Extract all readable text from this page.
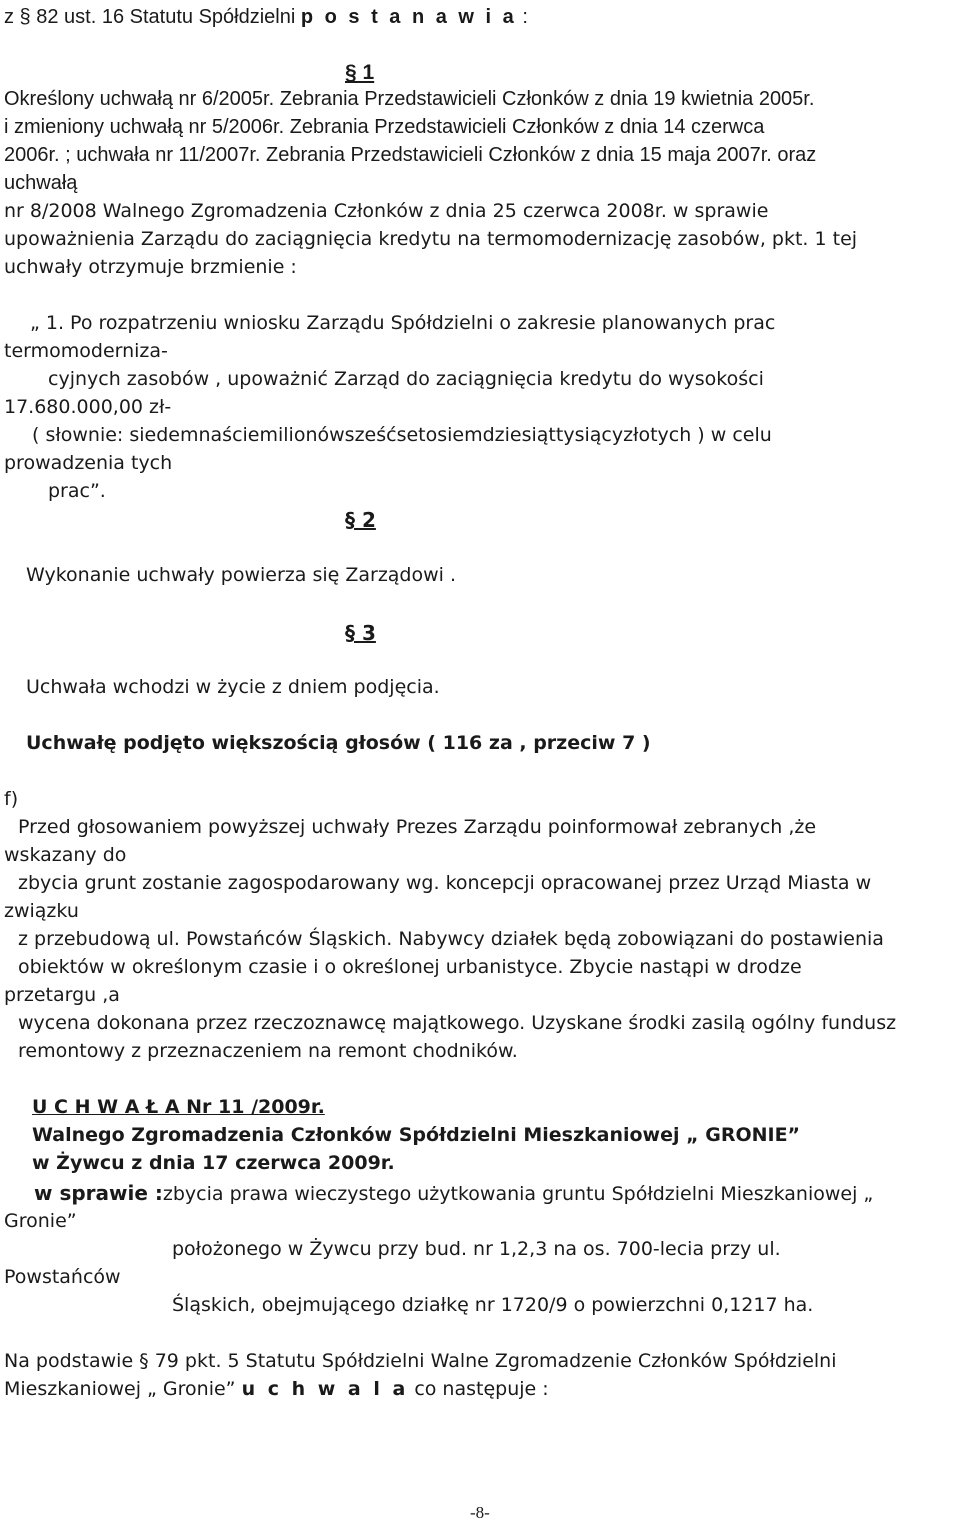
z § 82 ust. 16 Statutu Spółdzielni p o s t a n a w i a :
§ 1
Określony uchwałą nr 6/2005r. Zebrania Przedstawicieli Członków z dnia 19 kwietnia 2005r.
i zmieniony uchwałą nr 5/2006r. Zebrania Przedstawicieli Członków z dnia 14 czerwca
2006r. ; uchwała nr 11/2007r. Zebrania Przedstawicieli Członków z dnia 15 maja 2007r. oraz
uchwałą
nr 8/2008 Walnego Zgromadzenia Członków z dnia 25 czerwca 2008r. w sprawie
upoważnienia Zarządu do zaciągnięcia kredytu na termomodernizację zasobów, pkt. 1 tej
uchwały otrzymuje brzmienie :
„ 1. Po rozpatrzeniu wniosku Zarządu Spółdzielni o zakresie planowanych prac
termomoderniza-
cyjnych zasobów , upoważnić Zarząd do zaciągnięcia kredytu do wysokości
17.680.000,00 zł-
( słownie: siedemnaściemilionówsześćsetosiemdziesiąttysiącyzłotych ) w celu
prowadzenia tych
prac”.
§ 2
Wykonanie uchwały powierza się Zarządowi .
§ 3
Uchwała wchodzi w życie z dniem podjęcia.
Uchwałę podjęto większością głosów ( 116 za , przeciw 7 )
f)
Przed głosowaniem powyższej uchwały Prezes Zarządu poinformował zebranych ,że
wskazany do
zbycia grunt zostanie zagospodarowany wg. koncepcji opracowanej przez Urząd Miasta w
związku
z przebudową ul. Powstańców Śląskich. Nabywcy działek będą zobowiązani do postawienia
obiektów w określonym czasie i o określonej urbanistyce. Zbycie nastąpi w drodze
przetargu ,a
wycena dokonana przez rzeczoznawcę majątkowego. Uzyskane środki zasilą ogólny fundusz
remontowy z przeznaczeniem na remont chodników.
U C H W A Ł A Nr 11 /2009r.
Walnego Zgromadzenia Członków Spółdzielni Mieszkaniowej „ GRONIE”
w Żywcu z dnia 17 czerwca 2009r.
w sprawie :zbycia prawa wieczystego użytkowania gruntu Spółdzielni Mieszkaniowej „
Gronie”
położonego w Żywcu przy bud. nr 1,2,3 na os. 700-lecia przy ul.
Powstańców
Śląskich, obejmującego działkę nr 1720/9 o powierzchni 0,1217 ha.
Na podstawie § 79 pkt. 5 Statutu Spółdzielni Walne Zgromadzenie Członków Spółdzielni
Mieszkaniowej „ Gronie” u c h w a l a co następuje :
-8-
